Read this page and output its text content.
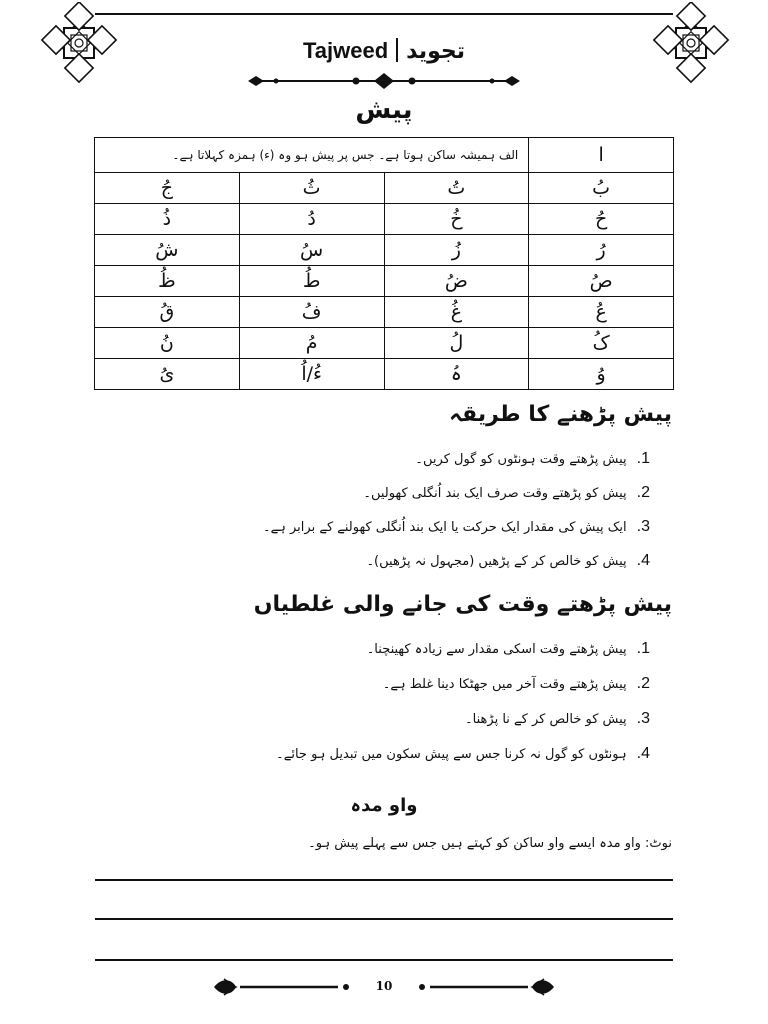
Tajweed تجوید
پیش
ا	الف ہمیشہ ساکن ہوتا ہے۔ جس پر پیش ہو وہ (ء) ہمزہ کہلاتا ہے۔		
بُ	تُ	ثُ	جُ
حُ	خُ	دُ	ذُ
رُ	زُ	سُ	شُ
صُ	ضُ	طُ	ظُ
عُ	غُ	فُ	قُ
کُ	لُ	مُ	نُ
وُ	ہُ	ءُ/اُ	یُ
پیش پڑھنے کا طریقہ
1.پیش پڑھتے وقت ہونٹوں کو گول کریں۔
2.پیش کو پڑھتے وقت صرف ایک بند اُنگلی کھولیں۔
3.ایک پیش کی مقدار ایک حرکت یا ایک بند اُنگلی کھولنے کے برابر ہے۔
4.پیش کو خالص کر کے پڑھیں (مجہول نہ پڑھیں)۔
پیش پڑھتے وقت کی جانے والی غلطیاں
1.پیش پڑھتے وقت اسکی مقدار سے زیادہ کھینچنا۔
2.پیش پڑھتے وقت آخر میں جھٹکا دینا غلط ہے۔
3.پیش کو خالص کر کے نا پڑھنا۔
4.ہونٹوں کو گول نہ کرنا جس سے پیش سکون میں تبدیل ہو جائے۔
واو مدہ
نوٹ: واو مدہ ایسے واو ساکن کو کہتے ہیں جس سے پہلے پیش ہو۔
10
